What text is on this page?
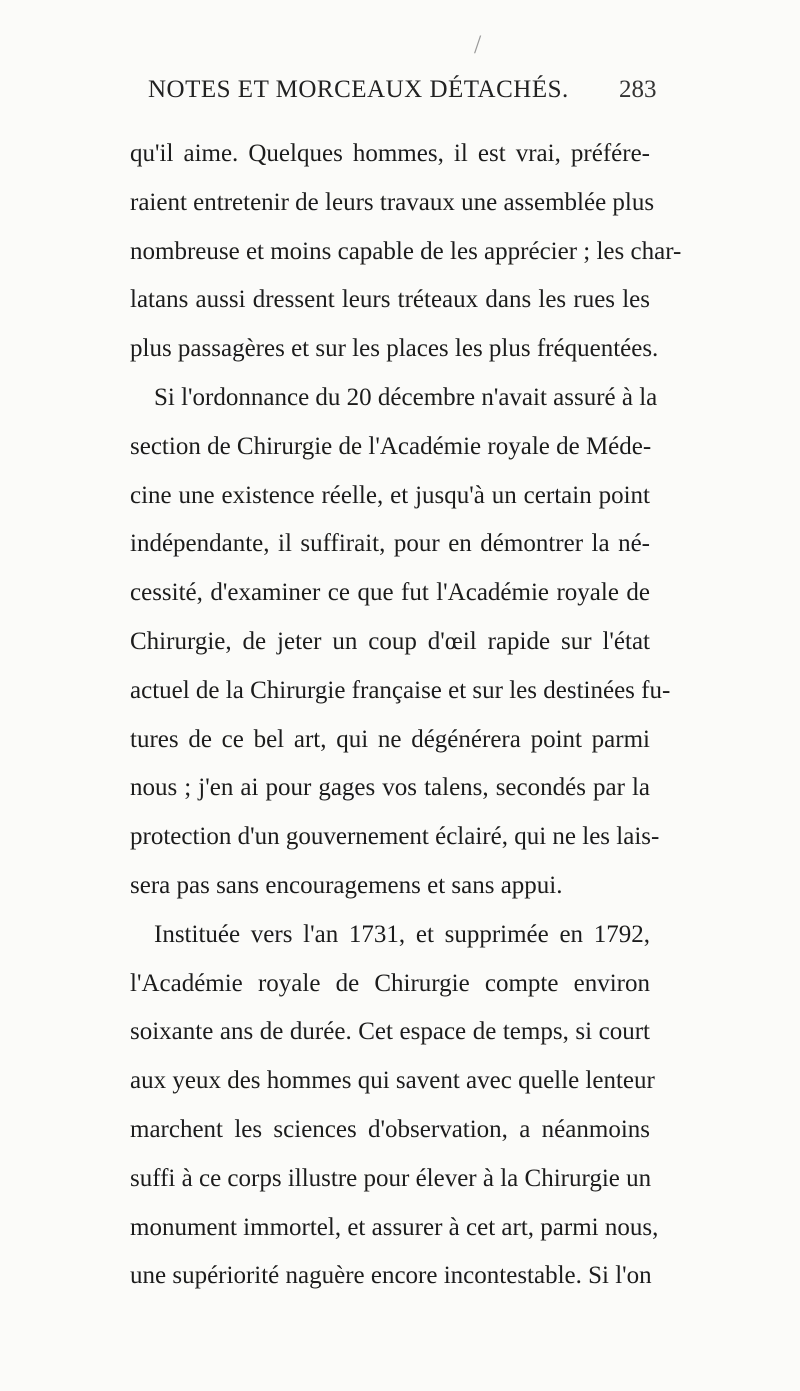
/
NOTES ET MORCEAUX DÉTACHÉS. 283
qu'il aime. Quelques hommes, il est vrai, préfére-
raient entretenir de leurs travaux une assemblée plus
nombreuse et moins capable de les apprécier ; les char-
latans aussi dressent leurs tréteaux dans les rues les
plus passagères et sur les places les plus fréquentées.
Si l'ordonnance du 20 décembre n'avait assuré à la
section de Chirurgie de l'Académie royale de Méde-
cine une existence réelle, et jusqu'à un certain point
indépendante, il suffirait, pour en démontrer la né-
cessité, d'examiner ce que fut l'Académie royale de
Chirurgie, de jeter un coup d'œil rapide sur l'état
actuel de la Chirurgie française et sur les destinées fu-
tures de ce bel art, qui ne dégénérera point parmi
nous ; j'en ai pour gages vos talens, secondés par la
protection d'un gouvernement éclairé, qui ne les lais-
sera pas sans encouragemens et sans appui.
Instituée vers l'an 1731, et supprimée en 1792,
l'Académie royale de Chirurgie compte environ
soixante ans de durée. Cet espace de temps, si court
aux yeux des hommes qui savent avec quelle lenteur
marchent les sciences d'observation, a néanmoins
suffi à ce corps illustre pour élever à la Chirurgie un
monument immortel, et assurer à cet art, parmi nous,
une supériorité naguère encore incontestable. Si l'on
